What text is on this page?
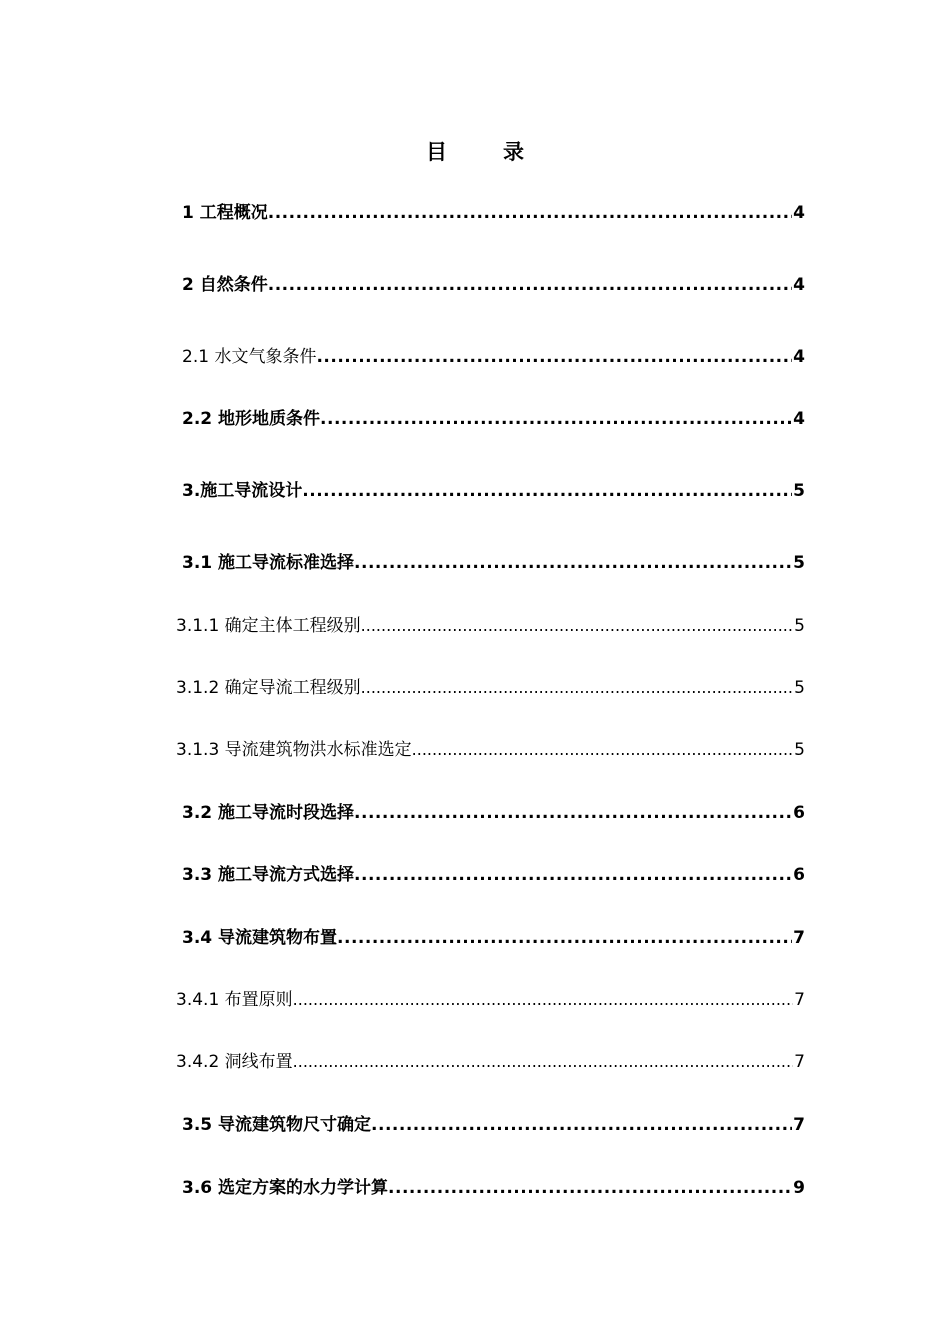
目	录
1 工程概况 .....	4
2 自然条件 .....	4
2.1 水文气象条件 .....	4
2.2 地形地质条件 .....	4
3.施工导流设计 .....	5
3.1 施工导流标准选择 .....	5
3.1.1 确定主体工程级别 .....	5
3.1.2 确定导流工程级别 .....	5
3.1.3 导流建筑物洪水标准选定 .....	5
3.2 施工导流时段选择 .....	6
3.3 施工导流方式选择 .....	6
3.4 导流建筑物布置 .....	7
3.4.1 布置原则 .....	7
3.4.2 洞线布置 .....	7
3.5 导流建筑物尺寸确定 .....	7
3.6 选定方案的水力学计算 .....	9
